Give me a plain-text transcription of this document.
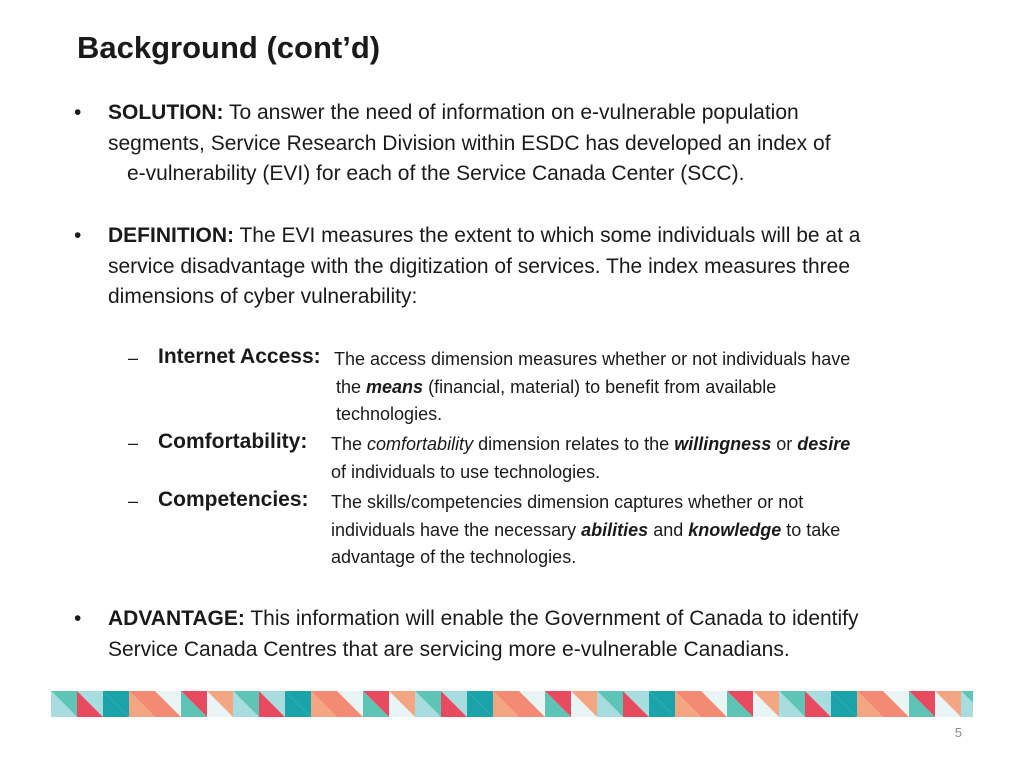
Background (cont’d)
• SOLUTION: To answer the need of information on e-vulnerable population
segments, Service Research Division within ESDC has developed an index of
e-vulnerability (EVI) for each of the Service Canada Center (SCC).
• DEFINITION: The EVI measures the extent to which some individuals will be at a
service disadvantage with the digitization of services. The index measures three
dimensions of cyber vulnerability:
– Internet Access: The access dimension measures whether or not individuals have
the means (financial, material) to benefit from available
technologies.
– Comfortability: The comfortability dimension relates to the willingness or desire
of individuals to use technologies.
– Competencies: The skills/competencies dimension captures whether or not
individuals have the necessary abilities and knowledge to take
advantage of the technologies.
• ADVANTAGE: This information will enable the Government of Canada to identify
Service Canada Centres that are servicing more e-vulnerable Canadians.
5
